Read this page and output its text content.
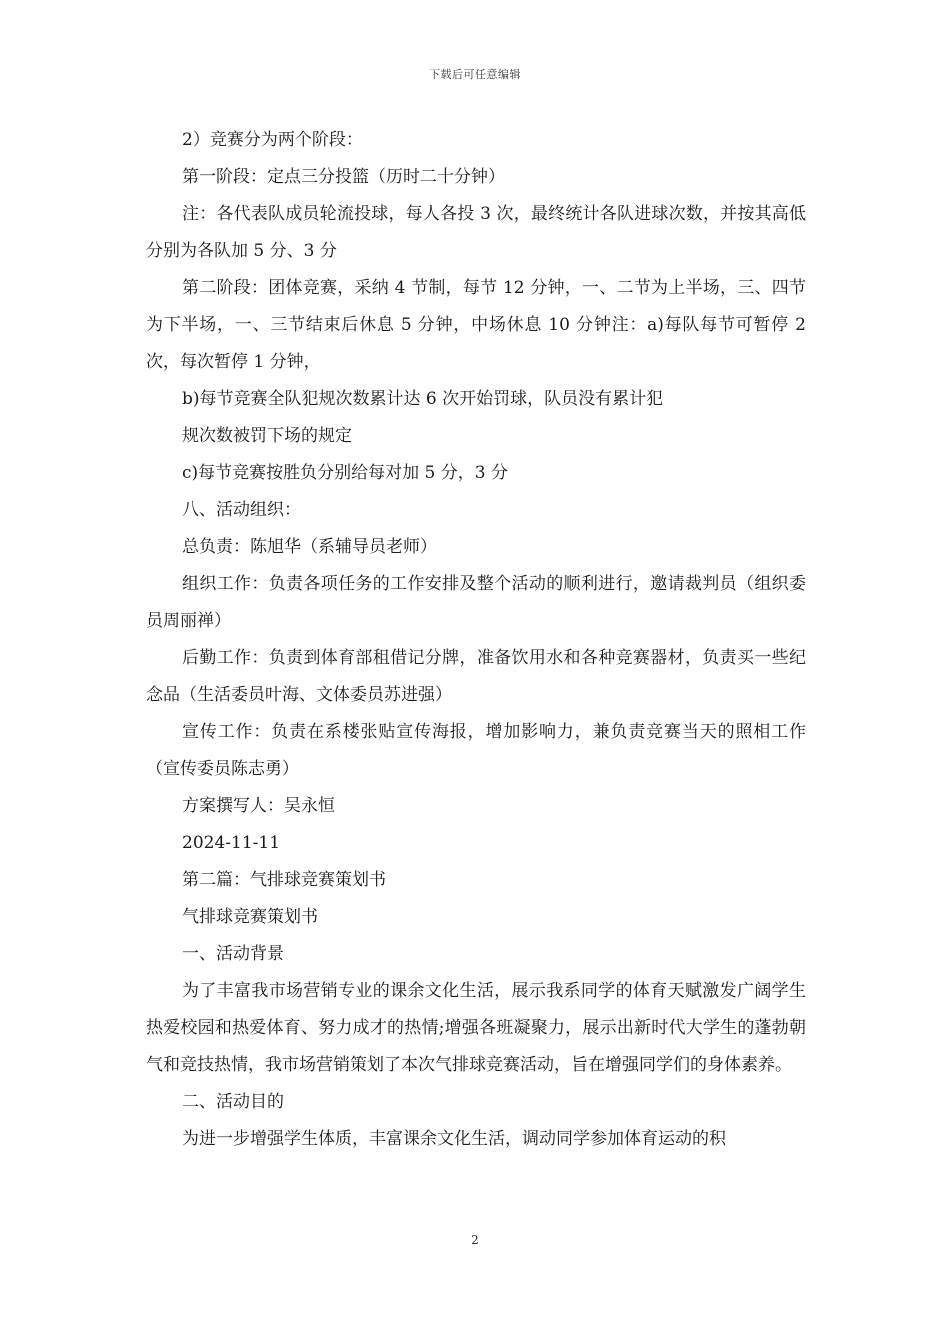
下载后可任意编辑

2）竞赛分为两个阶段：

第一阶段：定点三分投篮（历时二十分钟）

注：各代表队成员轮流投球，每人各投 3 次，最终统计各队进球次数，并按其高低分别为各队加 5 分、3 分

第二阶段：团体竞赛，采纳 4 节制，每节 12 分钟，一、二节为上半场，三、四节为下半场，一、三节结束后休息 5 分钟，中场休息 10 分钟注：a)每队每节可暂停 2 次，每次暂停 1 分钟，

b)每节竞赛全队犯规次数累计达 6 次开始罚球，队员没有累计犯

规次数被罚下场的规定

c)每节竞赛按胜负分别给每对加 5 分，3 分

八、活动组织：

总负责：陈旭华（系辅导员老师）

组织工作：负责各项任务的工作安排及整个活动的顺利进行，邀请裁判员（组织委员周丽禅）

后勤工作：负责到体育部租借记分牌，准备饮用水和各种竞赛器材，负责买一些纪念品（生活委员叶海、文体委员苏进强）

宣传工作：负责在系楼张贴宣传海报，增加影响力，兼负责竞赛当天的照相工作（宣传委员陈志勇）

方案撰写人：吴永恒

2024-11-11

第二篇：气排球竞赛策划书

气排球竞赛策划书

一、活动背景

为了丰富我市场营销专业的课余文化生活，展示我系同学的体育天赋激发广阔学生热爱校园和热爱体育、努力成才的热情;增强各班凝聚力，展示出新时代大学生的蓬勃朝气和竞技热情，我市场营销策划了本次气排球竞赛活动，旨在增强同学们的身体素养。

二、活动目的

为进一步增强学生体质，丰富课余文化生活，调动同学参加体育运动的积

2
